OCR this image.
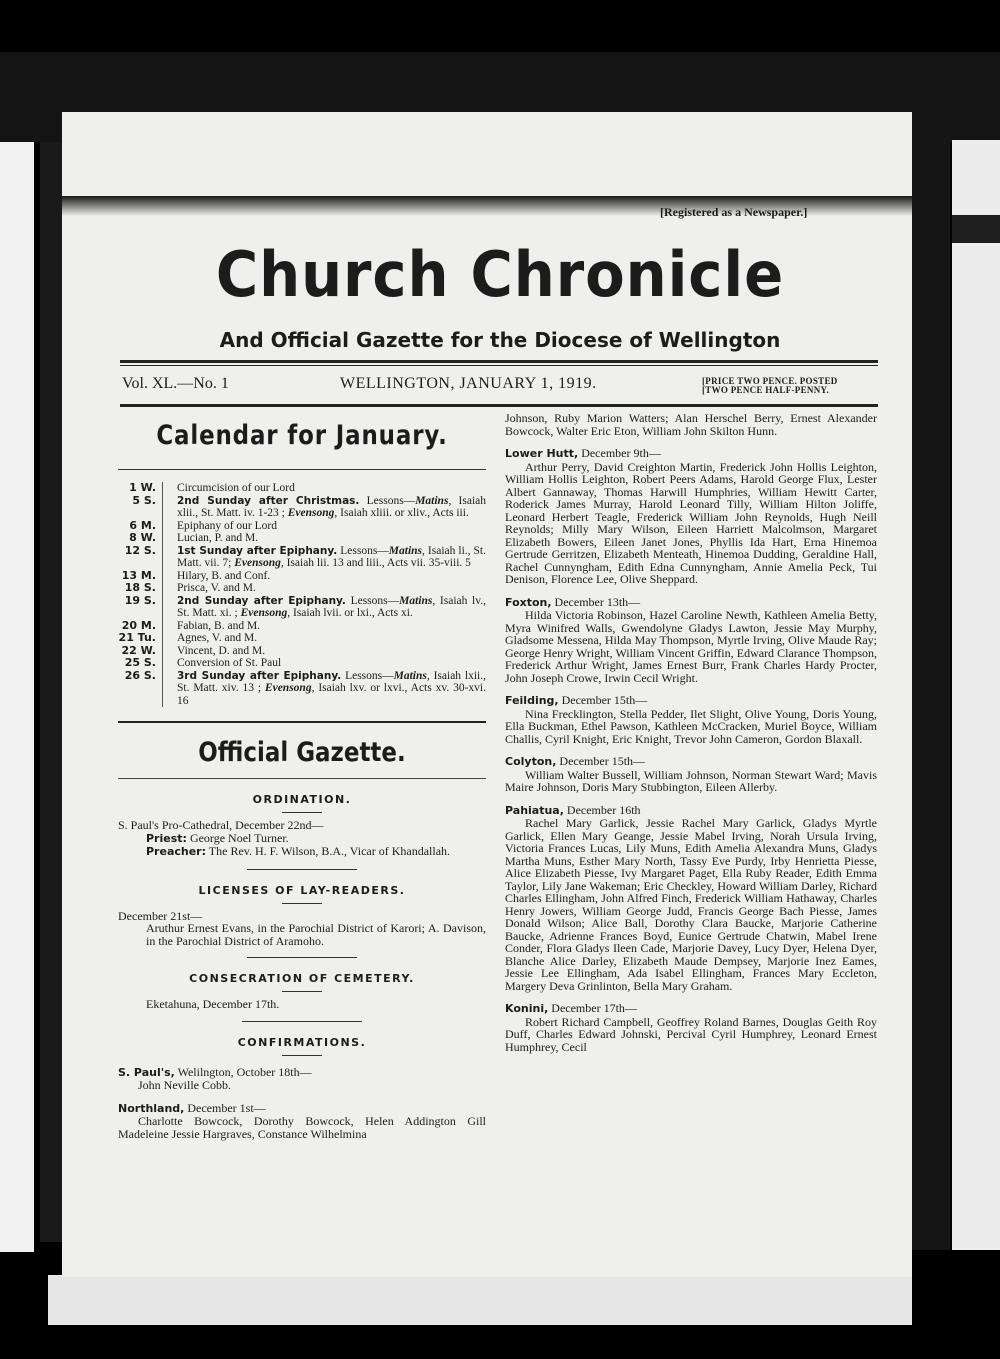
[Registered as a Newspaper.]
Church Chronicle
And Official Gazette for the Diocese of Wellington
Vol. XL.—No. 1	WELLINGTON, JANUARY 1, 1919.	[PRICE TWO PENCE. POSTED
[TWO PENCE HALF-PENNY.
Calendar for January.
1 W.	Circumcision of our Lord
5 S.	2nd Sunday after Christmas. Lessons—Matins, Isaiah xlii., St. Matt. iv. 1-23 ; Evensong, Isaiah xliii. or xliv., Acts iii.
6 M.	Epiphany of our Lord
8 W.	Lucian, P. and M.
12 S.	1st Sunday after Epiphany. Lessons—Matins, Isaiah li., St. Matt. vii. 7; Evensong, Isaiah lii. 13 and liii., Acts vii. 35-viii. 5
13 M.	Hilary, B. and Conf.
18 S.	Prisca, V. and M.
19 S.	2nd Sunday after Epiphany. Lessons—Matins, Isaiah lv., St. Matt. xi. ; Evensong, Isaiah lvii. or lxi., Acts xi.
20 M.	Fabian, B. and M.
21 Tu.	Agnes, V. and M.
22 W.	Vincent, D. and M.
25 S.	Conversion of St. Paul
26 S.	3rd Sunday after Epiphany. Lessons—Matins, Isaiah lxii., St. Matt. xiv. 13 ; Evensong, Isaiah lxv. or lxvi., Acts xv. 30-xvi. 16
Official Gazette.
ORDINATION.
S. Paul's Pro-Cathedral, December 22nd—
Priest: George Noel Turner.
Preacher: The Rev. H. F. Wilson, B.A., Vicar of Khandallah.
LICENSES OF LAY-READERS.
December 21st—
Aruthur Ernest Evans, in the Parochial District of Karori; A. Davison, in the Parochial District of Aramoho.
CONSECRATION OF CEMETERY.
Eketahuna, December 17th.
CONFIRMATIONS.
S. Paul's, Welilngton, October 18th—
John Neville Cobb.
Northland, December 1st—
Charlotte Bowcock, Dorothy Bowcock, Helen Addington Gill Madeleine Jessie Hargraves, Constance Wilhelmina
Johnson, Ruby Marion Watters; Alan Herschel Berry, Ernest Alexander Bowcock, Walter Eric Eton, William John Skilton Hunn.
Lower Hutt, December 9th—
Arthur Perry, David Creighton Martin, Frederick John Hollis Leighton, William Hollis Leighton, Robert Peers Adams, Harold George Flux, Lester Albert Gannaway, Thomas Harwill Humphries, William Hewitt Carter, Roderick James Murray, Harold Leonard Tilly, William Hilton Joliffe, Leonard Herbert Teagle, Frederick William John Reynolds, Hugh Neill Reynolds; Milly Mary Wilson, Eileen Harriett Malcolmson, Margaret Elizabeth Bowers, Eileen Janet Jones, Phyllis Ida Hart, Erna Hinemoa Gertrude Gerritzen, Elizabeth Menteath, Hinemoa Dudding, Geraldine Hall, Rachel Cunnyngham, Edith Edna Cunnyngham, Annie Amelia Peck, Tui Denison, Florence Lee, Olive Sheppard.
Foxton, December 13th—
Hilda Victoria Robinson, Hazel Caroline Newth, Kathleen Amelia Betty, Myra Winifred Walls, Gwendolyne Gladys Lawton, Jessie May Murphy, Gladsome Messena, Hilda May Thompson, Myrtle Irving, Olive Maude Ray; George Henry Wright, William Vincent Griffin, Edward Clarance Thompson, Frederick Arthur Wright, James Ernest Burr, Frank Charles Hardy Procter, John Joseph Crowe, Irwin Cecil Wright.
Feilding, December 15th—
Nina Frecklington, Stella Pedder, Ilet Slight, Olive Young, Doris Young, Ella Buckman, Ethel Pawson, Kathleen McCracken, Muriel Boyce, William Challis, Cyril Knight, Eric Knight, Trevor John Cameron, Gordon Blaxall.
Colyton, December 15th—
William Walter Bussell, William Johnson, Norman Stewart Ward; Mavis Maire Johnson, Doris Mary Stubbington, Eileen Allerby.
Pahiatua, December 16th
Rachel Mary Garlick, Jessie Rachel Mary Garlick, Gladys Myrtle Garlick, Ellen Mary Geange, Jessie Mabel Irving, Norah Ursula Irving, Victoria Frances Lucas, Lily Muns, Edith Amelia Alexandra Muns, Gladys Martha Muns, Esther Mary North, Tassy Eve Purdy, Irby Henrietta Piesse, Alice Elizabeth Piesse, Ivy Margaret Paget, Ella Ruby Reader, Edith Emma Taylor, Lily Jane Wakeman; Eric Checkley, Howard William Darley, Richard Charles Ellingham, John Alfred Finch, Frederick William Hathaway, Charles Henry Jowers, William George Judd, Francis George Bach Piesse, James Donald Wilson; Alice Ball, Dorothy Clara Baucke, Marjorie Catherine Baucke, Adrienne Frances Boyd, Eunice Gertrude Chatwin, Mabel Irene Conder, Flora Gladys Ileen Cade, Marjorie Davey, Lucy Dyer, Helena Dyer, Blanche Alice Darley, Elizabeth Maude Dempsey, Marjorie Inez Eames, Jessie Lee Ellingham, Ada Isabel Ellingham, Frances Mary Eccleton, Margery Deva Grinlinton, Bella Mary Graham.
Konini, December 17th—
Robert Richard Campbell, Geoffrey Roland Barnes, Douglas Geith Roy Duff, Charles Edward Johnski, Percival Cyril Humphrey, Leonard Ernest Humphrey, Cecil
